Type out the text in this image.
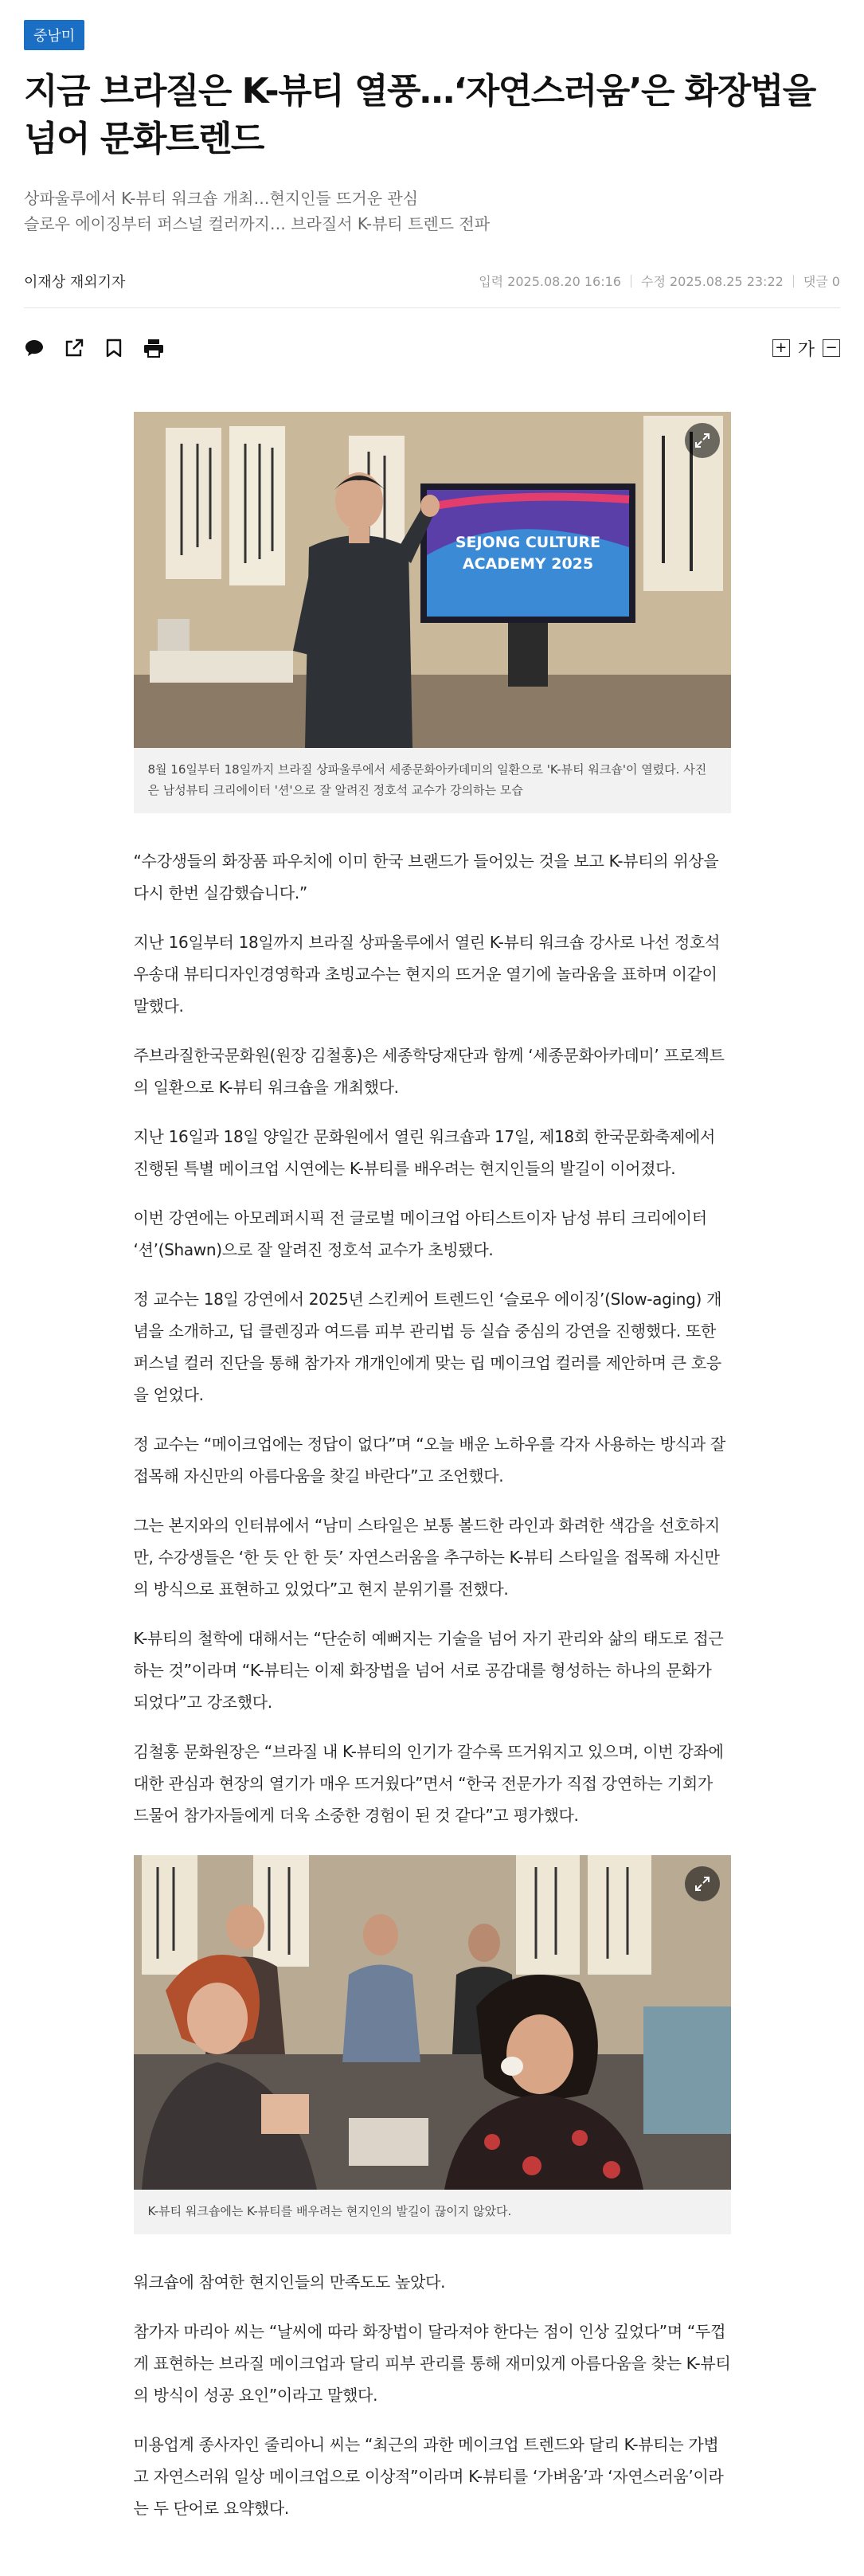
중남미
지금 브라질은 K-뷰티 열풍…‘자연스러움’은 화장법을 넘어 문화트렌드
상파울루에서 K-뷰티 워크숍 개최…현지인들 뜨거운 관심
슬로우 에이징부터 퍼스널 컬러까지… 브라질서 K-뷰티 트렌드 전파
이재상 재외기자	입력 2025.08.20 16:16 수정 2025.08.25 23:22 댓글 0
+ 가 −
SEJONG CULTURE
ACADEMY 2025
8월 16일부터 18일까지 브라질 상파울루에서 세종문화아카데미의 일환으로 'K-뷰티 워크숍'이 열렸다. 사진은 남성뷰티 크리에이터 '션'으로 잘 알려진 정호석 교수가 강의하는 모습

“수강생들의 화장품 파우치에 이미 한국 브랜드가 들어있는 것을 보고 K-뷰티의 위상을 다시 한번 실감했습니다.”

지난 16일부터 18일까지 브라질 상파울루에서 열린 K-뷰티 워크숍 강사로 나선 정호석 우송대 뷰티디자인경영학과 초빙교수는 현지의 뜨거운 열기에 놀라움을 표하며 이같이 말했다.

주브라질한국문화원(원장 김철홍)은 세종학당재단과 함께 ‘세종문화아카데미’ 프로젝트의 일환으로 K-뷰티 워크숍을 개최했다.

지난 16일과 18일 양일간 문화원에서 열린 워크숍과 17일, 제18회 한국문화축제에서 진행된 특별 메이크업 시연에는 K-뷰티를 배우려는 현지인들의 발길이 이어졌다.

이번 강연에는 아모레퍼시픽 전 글로벌 메이크업 아티스트이자 남성 뷰티 크리에이터 ‘션’(Shawn)으로 잘 알려진 정호석 교수가 초빙됐다.

정 교수는 18일 강연에서 2025년 스킨케어 트렌드인 ‘슬로우 에이징’(Slow-aging) 개념을 소개하고, 딥 클렌징과 여드름 피부 관리법 등 실습 중심의 강연을 진행했다. 또한 퍼스널 컬러 진단을 통해 참가자 개개인에게 맞는 립 메이크업 컬러를 제안하며 큰 호응을 얻었다.

정 교수는 “메이크업에는 정답이 없다”며 “오늘 배운 노하우를 각자 사용하는 방식과 잘 접목해 자신만의 아름다움을 찾길 바란다”고 조언했다.

그는 본지와의 인터뷰에서 “남미 스타일은 보통 볼드한 라인과 화려한 색감을 선호하지만, 수강생들은 ‘한 듯 안 한 듯’ 자연스러움을 추구하는 K-뷰티 스타일을 접목해 자신만의 방식으로 표현하고 있었다”고 현지 분위기를 전했다.

K-뷰티의 철학에 대해서는 “단순히 예뻐지는 기술을 넘어 자기 관리와 삶의 태도로 접근하는 것”이라며 “K-뷰티는 이제 화장법을 넘어 서로 공감대를 형성하는 하나의 문화가 되었다”고 강조했다.

김철홍 문화원장은 “브라질 내 K-뷰티의 인기가 갈수록 뜨거워지고 있으며, 이번 강좌에 대한 관심과 현장의 열기가 매우 뜨거웠다”면서 “한국 전문가가 직접 강연하는 기회가 드물어 참가자들에게 더욱 소중한 경험이 된 것 같다”고 평가했다.

K-뷰티 워크숍에는 K-뷰티를 배우려는 현지인의 발길이 끊이지 않았다.

워크숍에 참여한 현지인들의 만족도도 높았다.

참가자 마리아 씨는 “날씨에 따라 화장법이 달라져야 한다는 점이 인상 깊었다”며 “두껍게 표현하는 브라질 메이크업과 달리 피부 관리를 통해 재미있게 아름다움을 찾는 K-뷰티의 방식이 성공 요인”이라고 말했다.

미용업계 종사자인 줄리아니 씨는 “최근의 과한 메이크업 트렌드와 달리 K-뷰티는 가볍고 자연스러워 일상 메이크업으로 이상적”이라며 K-뷰티를 ‘가벼움’과 ‘자연스러움’이라는 두 단어로 요약했다.
